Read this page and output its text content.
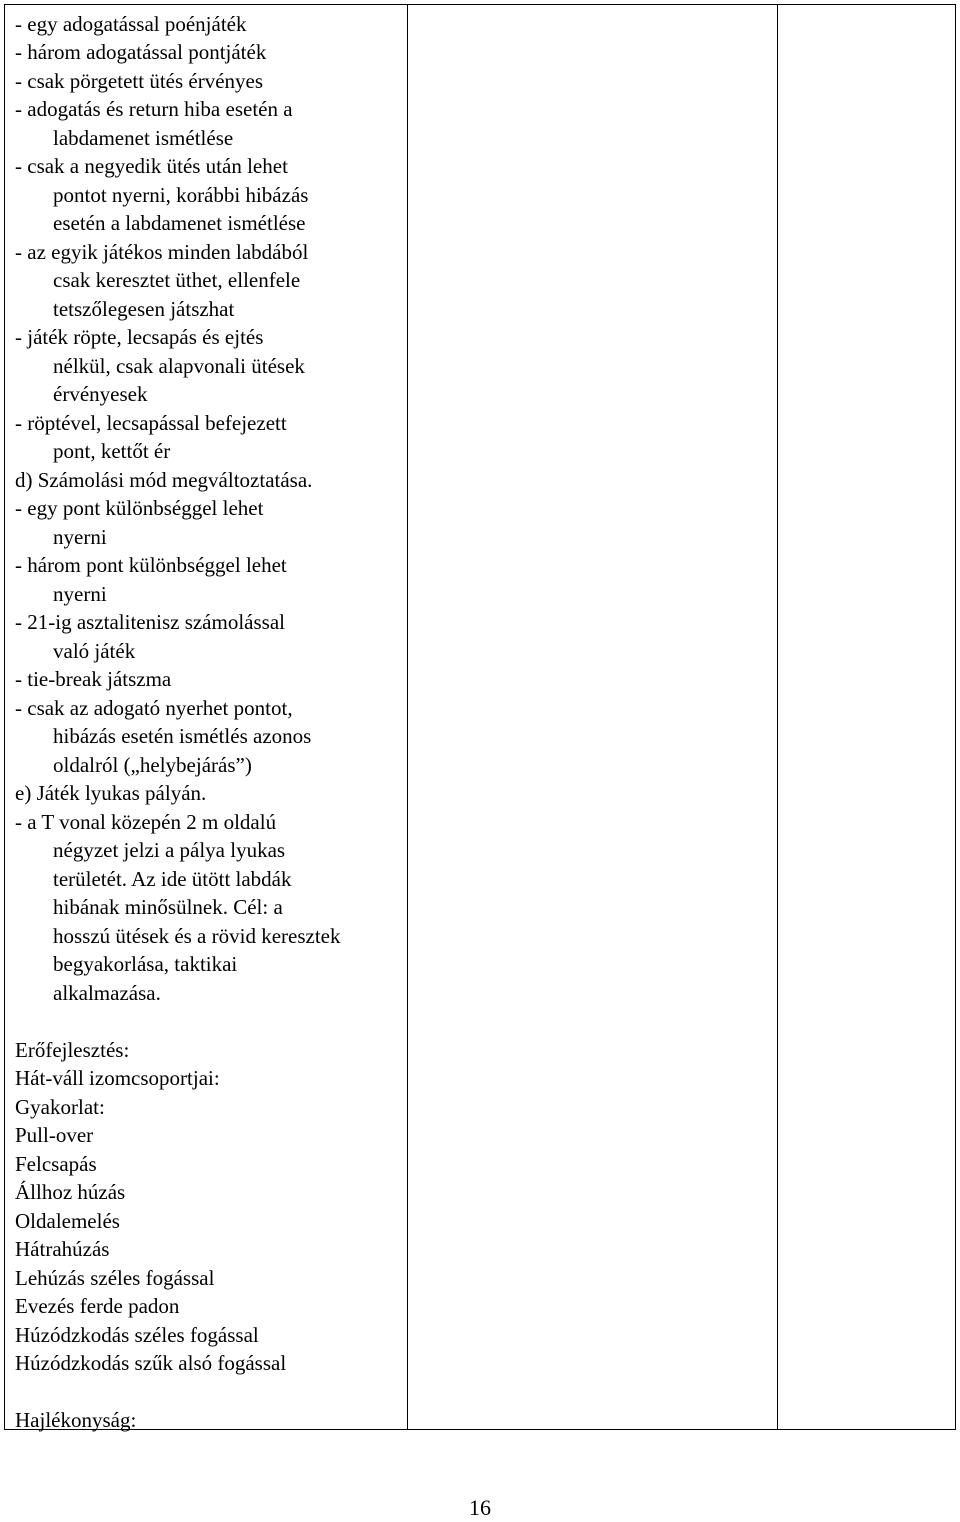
- egy adogatással poénjáték
- három adogatással pontjáték
- csak pörgetett ütés érvényes
- adogatás és return hiba esetén a
labdamenet ismétlése
- csak a negyedik ütés után lehet
pontot nyerni, korábbi hibázás
esetén a labdamenet ismétlése
- az egyik játékos minden labdából
csak keresztet üthet, ellenfele
tetszőlegesen játszhat
- játék röpte, lecsapás és ejtés
nélkül, csak alapvonali ütések
érvényesek
- röptével, lecsapással befejezett
pont, kettőt ér
d) Számolási mód megváltoztatása.
- egy pont különbséggel lehet
nyerni
- három pont különbséggel lehet
nyerni
- 21-ig asztalitenisz számolással
való játék
- tie-break játszma
- csak az adogató nyerhet pontot,
hibázás esetén ismétlés azonos
oldalról („helybejárás”)
e) Játék lyukas pályán.
- a T vonal közepén 2 m oldalú
négyzet jelzi a pálya lyukas
területét. Az ide ütött labdák
hibának minősülnek. Cél: a
hosszú ütések és a rövid keresztek
begyakorlása, taktikai
alkalmazása.
Erőfejlesztés:
Hát-váll izomcsoportjai:
Gyakorlat:
Pull-over
Felcsapás
Állhoz húzás
Oldalemelés
Hátrahúzás
Lehúzás széles fogással
Evezés ferde padon
Húzódzkodás széles fogással
Húzódzkodás szűk alsó fogással
Hajlékonyság:
16
